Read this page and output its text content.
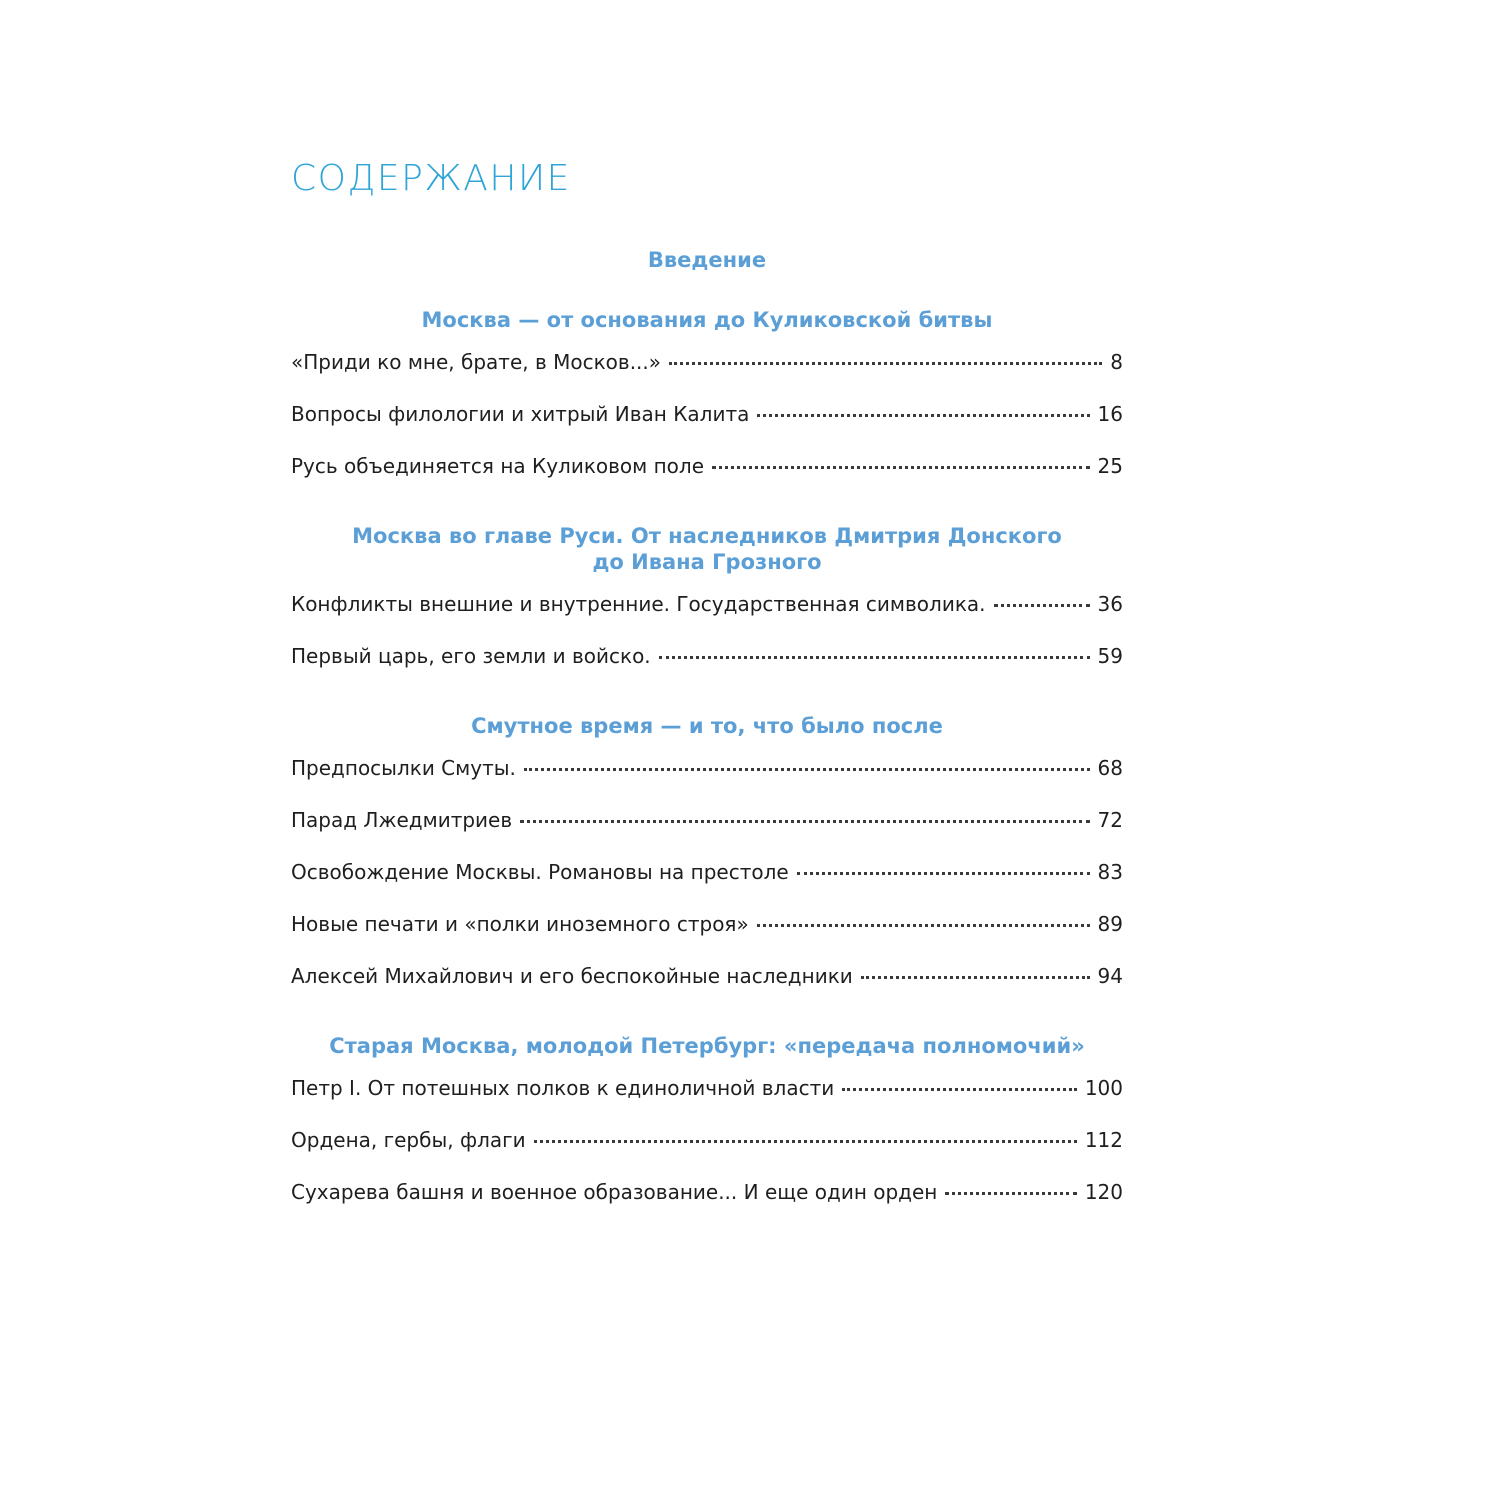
СОДЕРЖАНИЕ
Введение
Москва — от основания до Куликовской битвы
«Приди ко мне, брате, в Москов...»	8
Вопросы филологии и хитрый Иван Калита	16
Русь объединяется на Куликовом поле	25
Москва во главе Руси. От наследников Дмитрия Донского
до Ивана Грозного
Конфликты внешние и внутренние. Государственная символика.	36
Первый царь, его земли и войско.	59
Смутное время — и то, что было после
Предпосылки Смуты.	68
Парад Лжедмитриев	72
Освобождение Москвы. Романовы на престоле	83
Новые печати и «полки иноземного строя»	89
Алексей Михайлович и его беспокойные наследники	94
Старая Москва, молодой Петербург: «передача полномочий»
Петр I. От потешных полков к единоличной власти	100
Ордена, гербы, флаги	112
Сухарева башня и военное образование... И еще один орден	120
